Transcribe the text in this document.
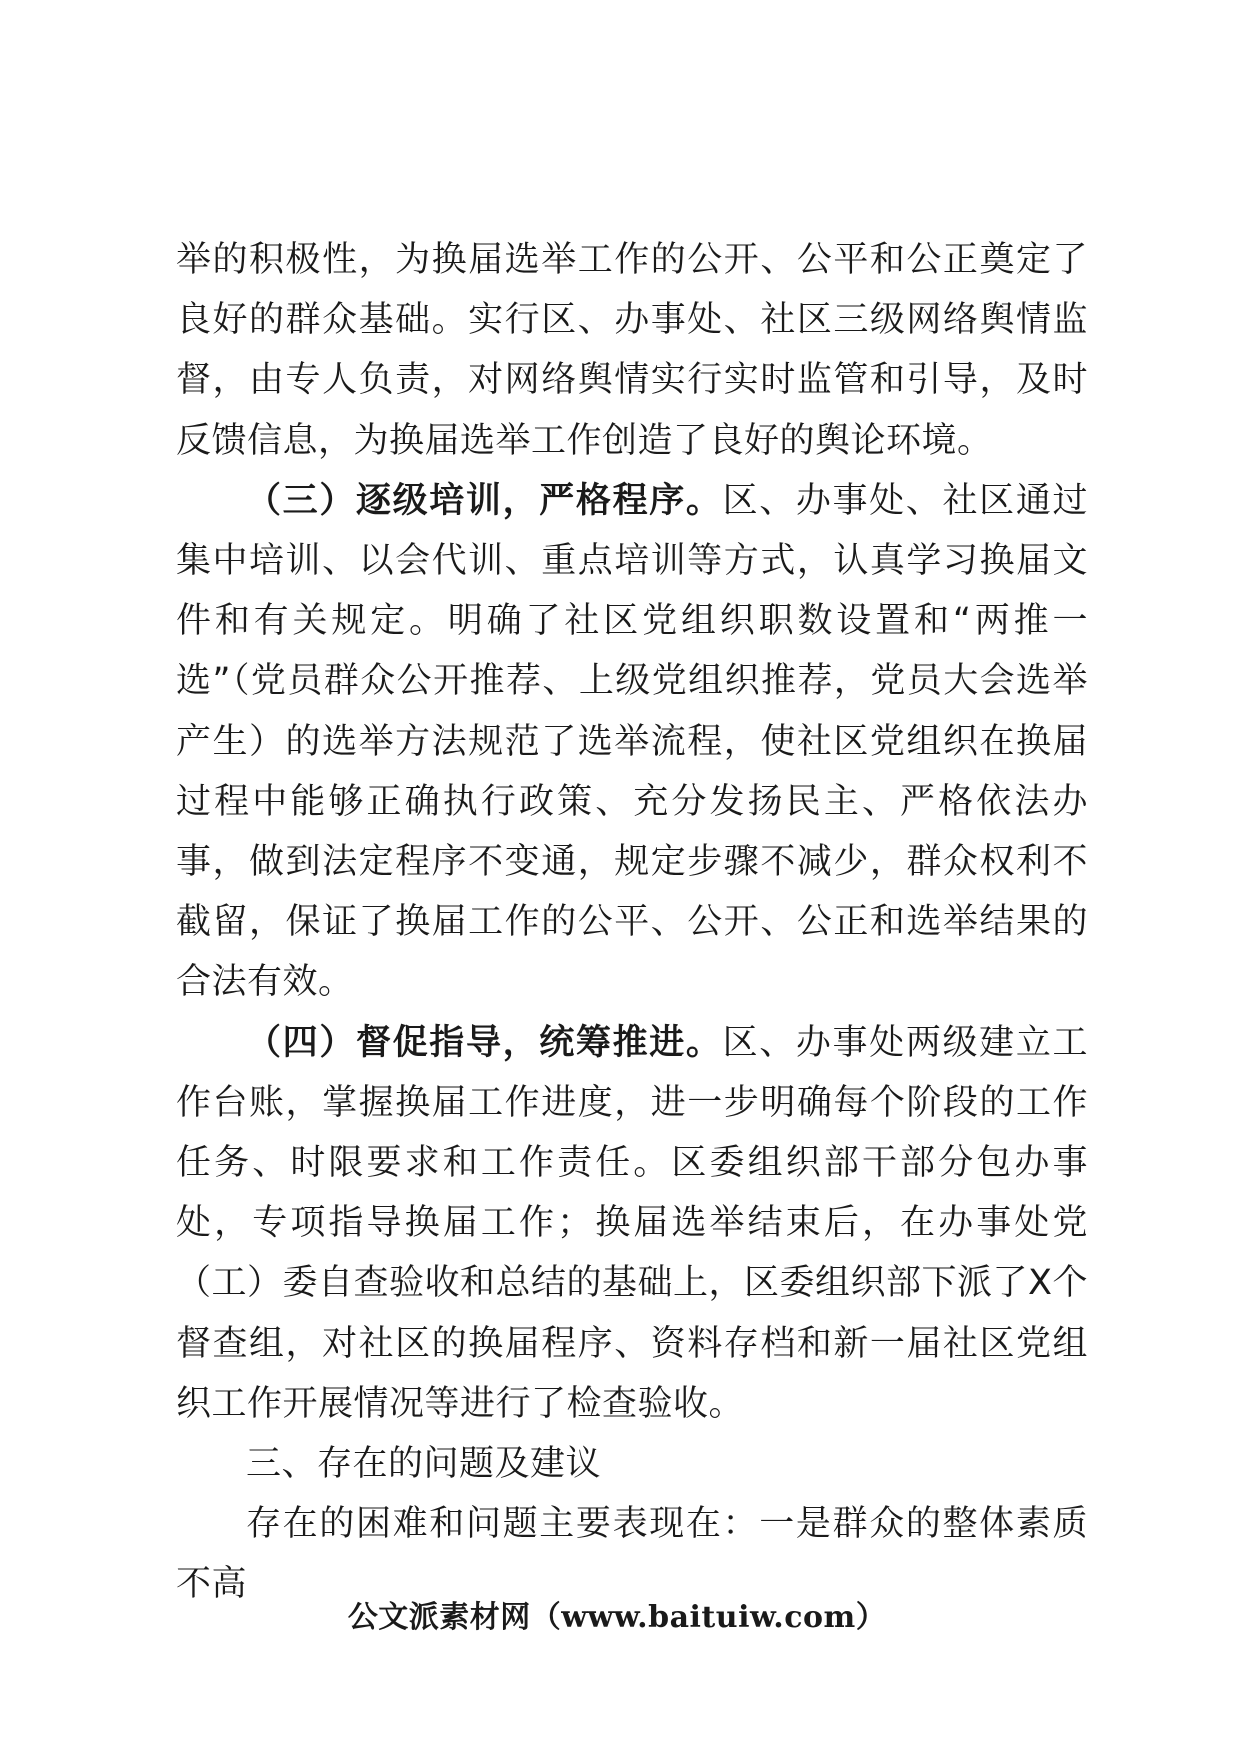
举的积极性，为换届选举工作的公开、公平和公正奠定了良好的群众基础。实行区、办事处、社区三级网络舆情监督，由专人负责，对网络舆情实行实时监管和引导，及时反馈信息，为换届选举工作创造了良好的舆论环境。

（三）逐级培训，严格程序。区、办事处、社区通过集中培训、以会代训、重点培训等方式，认真学习换届文件和有关规定。明确了社区党组织职数设置和“两推一选”（党员群众公开推荐、上级党组织推荐，党员大会选举产生）的选举方法规范了选举流程，使社区党组织在换届过程中能够正确执行政策、充分发扬民主、严格依法办事，做到法定程序不变通，规定步骤不减少，群众权利不截留，保证了换届工作的公平、公开、公正和选举结果的合法有效。

（四）督促指导，统筹推进。区、办事处两级建立工作台账，掌握换届工作进度，进一步明确每个阶段的工作任务、时限要求和工作责任。区委组织部干部分包办事处，专项指导换届工作；换届选举结束后，在办事处党（工）委自查验收和总结的基础上，区委组织部下派了X个督查组，对社区的换届程序、资料存档和新一届社区党组织工作开展情况等进行了检查验收。

三、存在的问题及建议

存在的困难和问题主要表现在：一是群众的整体素质不高

公文派素材网（www.baituiw.com）
